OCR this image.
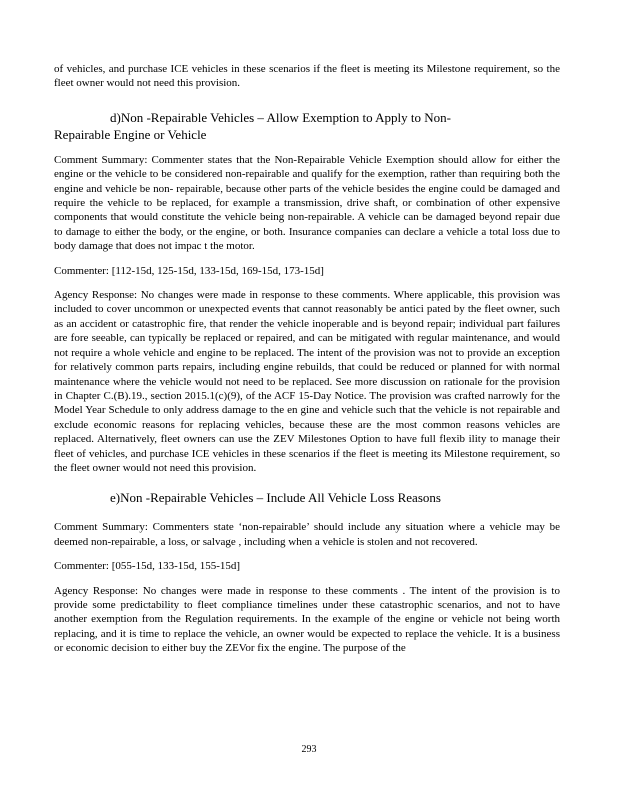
of vehicles, and purchase ICE vehicles in these scenarios if the fleet is meeting its Milestone requirement, so the fleet owner would not need this provision.

d)Non -Repairable Vehicles – Allow Exemption to Apply to Non-
Repairable Engine or Vehicle

Comment Summary: Commenter states that the Non-Repairable Vehicle Exemption should allow for either the engine or the vehicle to be considered non-repairable and qualify for the exemption, rather than requiring both the engine and vehicle be non- repairable, because other parts of the vehicle besides the engine could be damaged and require the vehicle to be replaced, for example a transmission, drive shaft, or combination of other expensive components that would constitute the vehicle being non-repairable. A vehicle can be damaged beyond repair due to damage to either the body, or the engine, or both. Insurance companies can declare a vehicle a total loss due to body damage that does not impac t the motor.

Commenter: [112-15d, 125-15d, 133-15d, 169-15d, 173-15d]

Agency Response: No changes were made in response to these comments. Where applicable, this provision was included to cover uncommon or unexpected events that cannot reasonably be antici pated by the fleet owner, such as an accident or catastrophic fire, that render the vehicle inoperable and is beyond repair; individual part failures are fore seeable, can typically be replaced or repaired, and can be mitigated with regular maintenance, and would not require a whole vehicle and engine to be replaced. The intent of the provision was not to provide an exception for relatively common parts repairs, including engine rebuilds, that could be reduced or planned for with normal maintenance where the vehicle would not need to be replaced. See more discussion on rationale for the provision in Chapter C.(B).19., section 2015.1(c)(9), of the ACF 15-Day Notice. The provision was crafted narrowly for the Model Year Schedule to only address damage to the en gine and vehicle such that the vehicle is not repairable and exclude economic reasons for replacing vehicles, because these are the most common reasons vehicles are replaced. Alternatively, fleet owners can use the ZEV Milestones Option to have full flexib ility to manage their fleet of vehicles, and purchase ICE vehicles in these scenarios if the fleet is meeting its Milestone requirement, so the fleet owner would not need this provision.

e)Non -Repairable Vehicles – Include All Vehicle Loss Reasons

Comment Summary: Commenters state ‘non-repairable’ should include any situation where a vehicle may be deemed non-repairable, a loss, or salvage , including when a vehicle is stolen and not recovered.

Commenter: [055-15d, 133-15d, 155-15d]

Agency Response: No changes were made in response to these comments . The intent of the provision is to provide some predictability to fleet compliance timelines under these catastrophic scenarios, and not to have another exemption from the Regulation requirements. In the example of the engine or vehicle not being worth replacing, and it is time to replace the vehicle, an owner would be expected to replace the vehicle. It is a business or economic decision to either buy the ZEVor fix the engine. The purpose of the

293
